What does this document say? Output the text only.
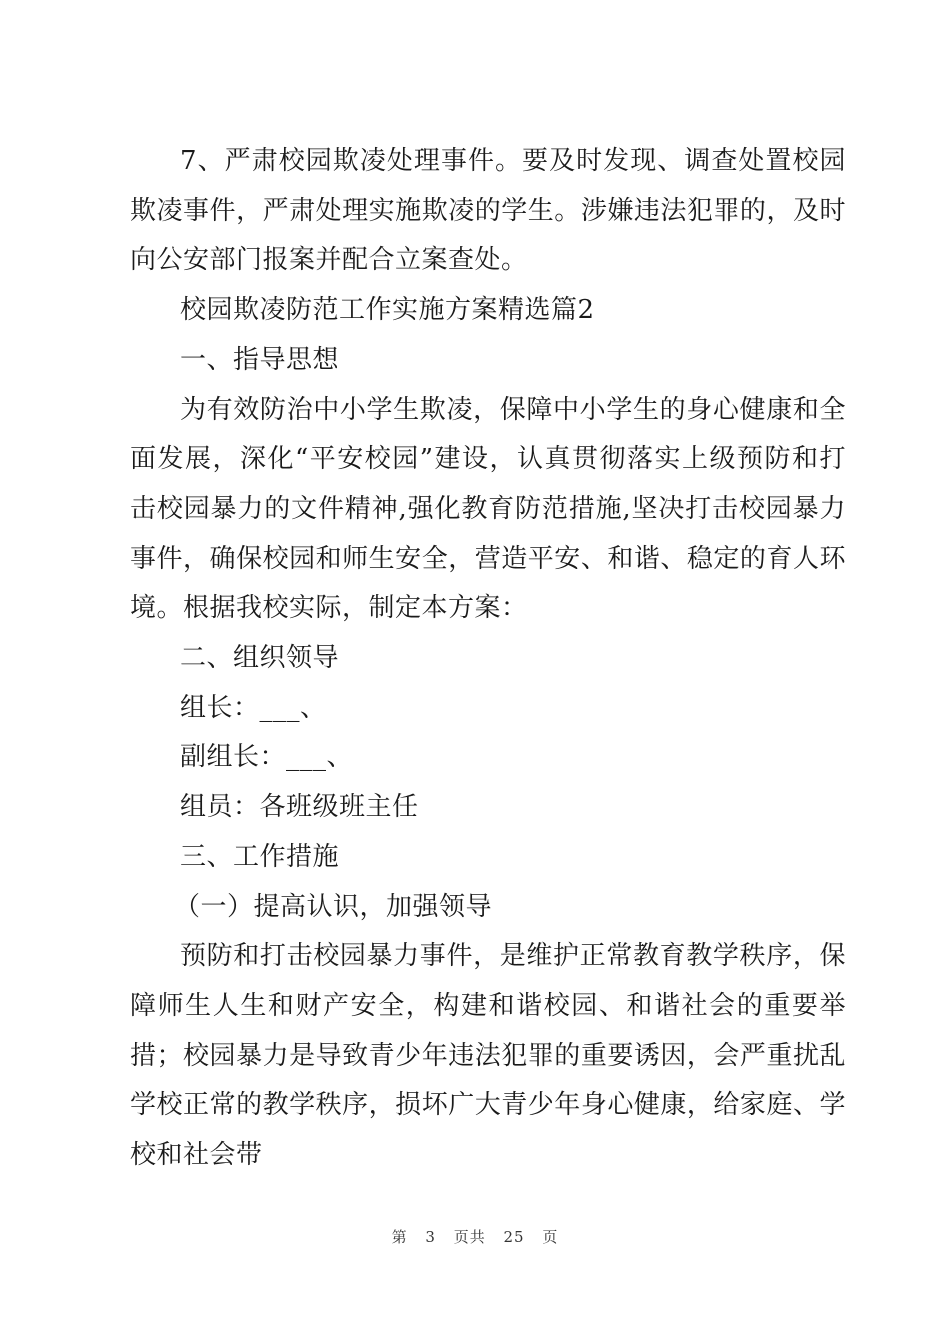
7、严肃校园欺凌处理事件。要及时发现、调查处置校园欺凌事件，严肃处理实施欺凌的学生。涉嫌违法犯罪的，及时向公安部门报案并配合立案查处。

校园欺凌防范工作实施方案精选篇2

一、指导思想

为有效防治中小学生欺凌，保障中小学生的身心健康和全面发展，深化“平安校园”建设，认真贯彻落实上级预防和打击校园暴力的文件精神,强化教育防范措施,坚决打击校园暴力事件，确保校园和师生安全，营造平安、和谐、稳定的育人环境。根据我校实际，制定本方案：

二、组织领导

组长：___、

副组长：___、

组员：各班级班主任

三、工作措施

（一）提高认识，加强领导

预防和打击校园暴力事件，是维护正常教育教学秩序，保障师生人生和财产安全，构建和谐校园、和谐社会的重要举措；校园暴力是导致青少年违法犯罪的重要诱因，会严重扰乱学校正常的教学秩序，损坏广大青少年身心健康，给家庭、学校和社会带

第 3 页共 25 页
